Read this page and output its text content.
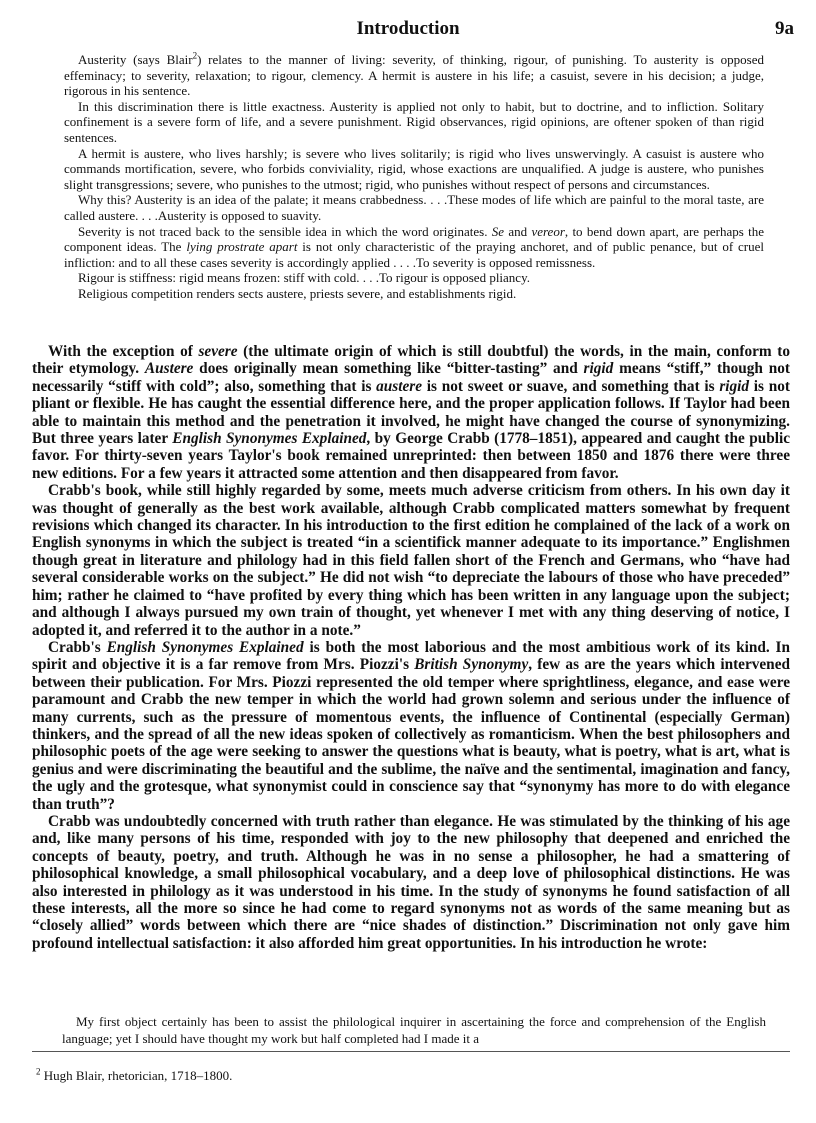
Introduction	9a

Austerity (says Blair$^2$) relates to the manner of living: severity, of thinking, rigour, of punishing. To austerity is opposed effeminacy; to severity, relaxation; to rigour, clemency. A hermit is austere in his life; a casuist, severe in his decision; a judge, rigorous in his sentence.

In this discrimination there is little exactness. Austerity is applied not only to habit, but to doctrine, and to infliction. Solitary confinement is a severe form of life, and a severe punishment. Rigid observances, rigid opinions, are oftener spoken of than rigid sentences.

A hermit is austere, who lives harshly; is severe who lives solitarily; is rigid who lives unswervingly. A casuist is austere who commands mortification, severe, who forbids conviviality, rigid, whose exactions are unqualified. A judge is austere, who punishes slight transgressions; severe, who punishes to the utmost; rigid, who punishes without respect of persons and circumstances.

Why this? Austerity is an idea of the palate; it means crabbedness. . . .These modes of life which are painful to the moral taste, are called austere. . . .Austerity is opposed to suavity.

Severity is not traced back to the sensible idea in which the word originates. Se and vereor, to bend down apart, are perhaps the component ideas. The lying prostrate apart is not only characteristic of the praying anchoret, and of public penance, but of cruel infliction: and to all these cases severity is accordingly applied . . . .To severity is opposed remissness.

Rigour is stiffness: rigid means frozen: stiff with cold. . . .To rigour is opposed pliancy.

Religious competition renders sects austere, priests severe, and establishments rigid.

With the exception of severe (the ultimate origin of which is still doubtful) the words, in the main, conform to their etymology. Austere does originally mean something like “bitter-tasting” and rigid means “stiff,” though not necessarily “stiff with cold”; also, something that is austere is not sweet or suave, and something that is rigid is not pliant or flexible. He has caught the essential difference here, and the proper application follows. If Taylor had been able to maintain this method and the penetration it involved, he might have changed the course of synonymizing. But three years later English Synonymes Explained, by George Crabb (1778–1851), appeared and caught the public favor. For thirty-seven years Taylor's book remained unreprinted: then between 1850 and 1876 there were three new editions. For a few years it attracted some attention and then disappeared from favor.

Crabb's book, while still highly regarded by some, meets much adverse criticism from others. In his own day it was thought of generally as the best work available, although Crabb complicated matters somewhat by frequent revisions which changed its character. In his introduction to the first edition he complained of the lack of a work on English synonyms in which the subject is treated “in a scientifick manner adequate to its importance.” Englishmen though great in literature and philology had in this field fallen short of the French and Germans, who “have had several considerable works on the subject.” He did not wish “to depreciate the labours of those who have preceded” him; rather he claimed to “have profited by every thing which has been written in any language upon the subject; and although I always pursued my own train of thought, yet whenever I met with any thing deserving of notice, I adopted it, and referred it to the author in a note.”

Crabb's English Synonymes Explained is both the most laborious and the most ambitious work of its kind. In spirit and objective it is a far remove from Mrs. Piozzi's British Synonymy, few as are the years which intervened between their publication. For Mrs. Piozzi represented the old temper where sprightliness, elegance, and ease were paramount and Crabb the new temper in which the world had grown solemn and serious under the influence of many currents, such as the pressure of momentous events, the influence of Continental (especially German) thinkers, and the spread of all the new ideas spoken of collectively as romanticism. When the best philosophers and philosophic poets of the age were seeking to answer the questions what is beauty, what is poetry, what is art, what is genius and were discriminating the beautiful and the sublime, the naïve and the sentimental, imagination and fancy, the ugly and the grotesque, what synonymist could in conscience say that “synonymy has more to do with elegance than truth”?

Crabb was undoubtedly concerned with truth rather than elegance. He was stimulated by the thinking of his age and, like many persons of his time, responded with joy to the new philosophy that deepened and enriched the concepts of beauty, poetry, and truth. Although he was in no sense a philosopher, he had a smattering of philosophical knowledge, a small philosophical vocabulary, and a deep love of philosophical distinctions. He was also interested in philology as it was understood in his time. In the study of synonyms he found satisfaction of all these interests, all the more so since he had come to regard synonyms not as words of the same meaning but as “closely allied” words between which there are “nice shades of distinction.” Discrimination not only gave him profound intellectual satisfaction: it also afforded him great opportunities. In his introduction he wrote:

My first object certainly has been to assist the philological inquirer in ascertaining the force and comprehension of the English language; yet I should have thought my work but half completed had I made it a

$^2$ Hugh Blair, rhetorician, 1718–1800.
